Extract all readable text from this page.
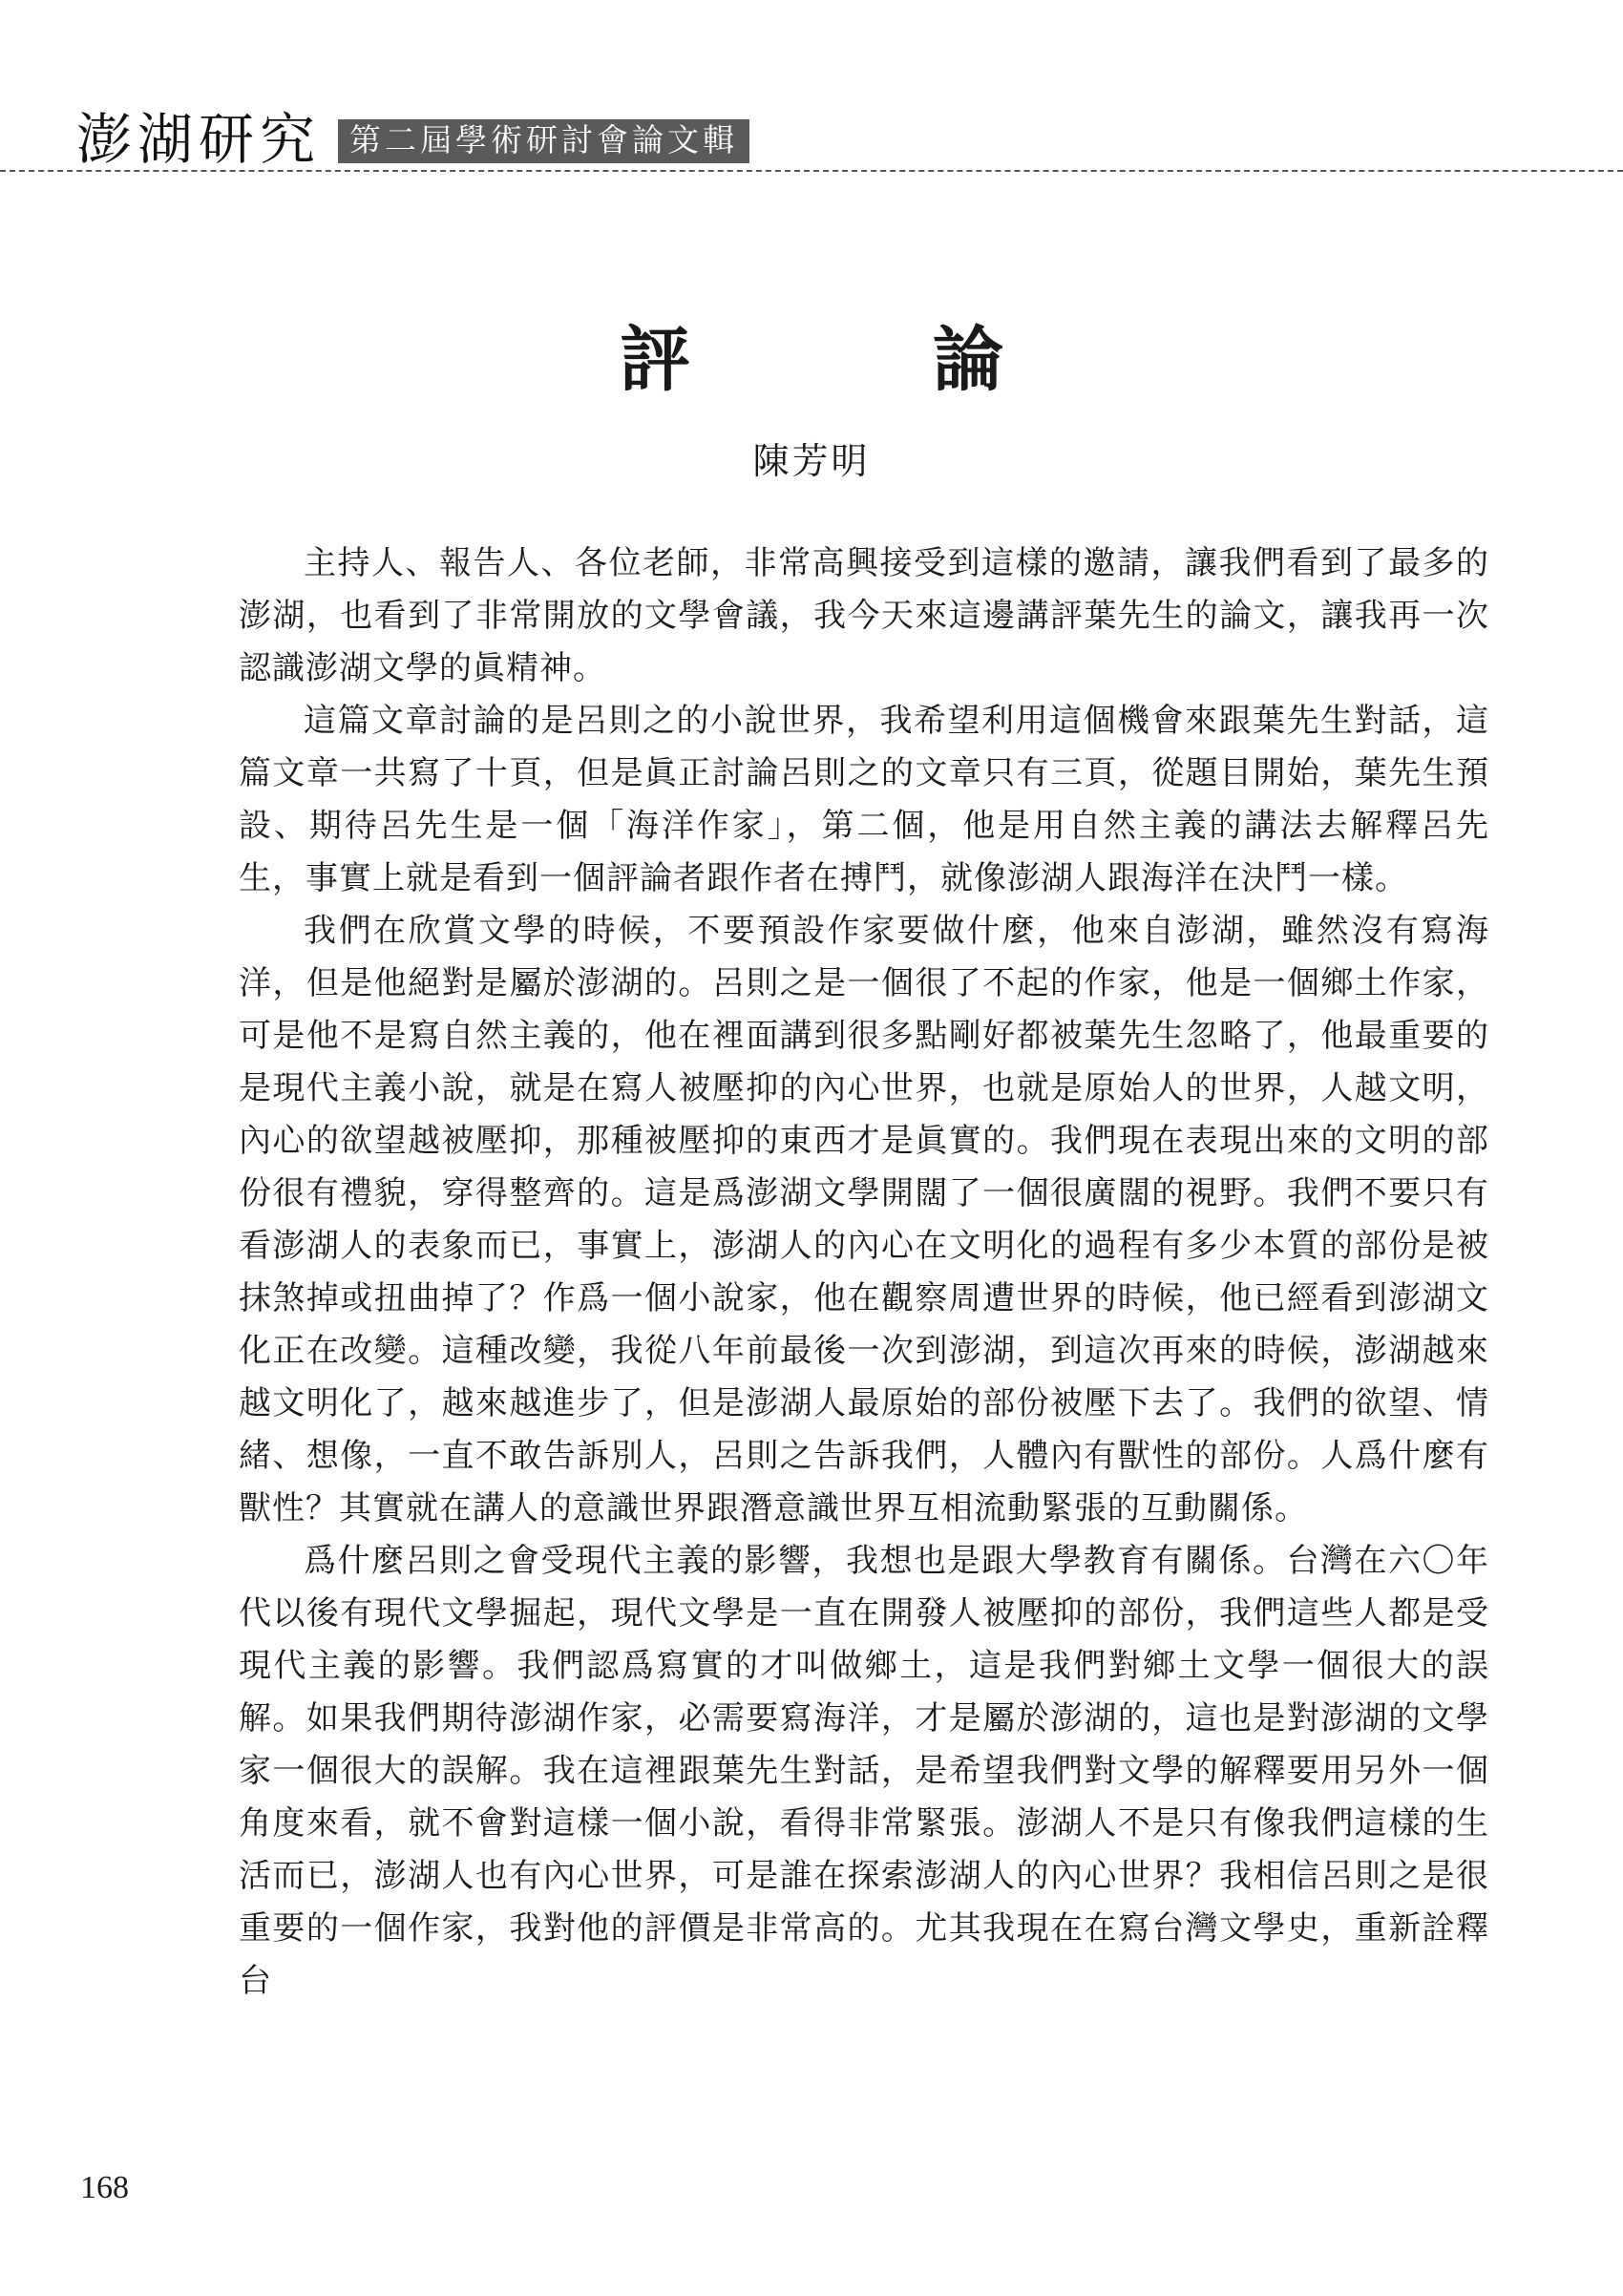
澎湖研究 第二屆學術研討會論文輯
評　論
陳芳明

主持人、報告人、各位老師，非常高興接受到這樣的邀請，讓我們看到了最多的澎湖，也看到了非常開放的文學會議，我今天來這邊講評葉先生的論文，讓我再一次認識澎湖文學的眞精神。

這篇文章討論的是呂則之的小說世界，我希望利用這個機會來跟葉先生對話，這篇文章一共寫了十頁，但是眞正討論呂則之的文章只有三頁，從題目開始，葉先生預設、期待呂先生是一個「海洋作家」，第二個，他是用自然主義的講法去解釋呂先生，事實上就是看到一個評論者跟作者在搏鬥，就像澎湖人跟海洋在決鬥一樣。

我們在欣賞文學的時候，不要預設作家要做什麼，他來自澎湖，雖然沒有寫海洋，但是他絕對是屬於澎湖的。呂則之是一個很了不起的作家，他是一個鄉土作家，可是他不是寫自然主義的，他在裡面講到很多點剛好都被葉先生忽略了，他最重要的是現代主義小說，就是在寫人被壓抑的內心世界，也就是原始人的世界，人越文明，內心的欲望越被壓抑，那種被壓抑的東西才是眞實的。我們現在表現出來的文明的部份很有禮貌，穿得整齊的。這是爲澎湖文學開闊了一個很廣闊的視野。我們不要只有看澎湖人的表象而已，事實上，澎湖人的內心在文明化的過程有多少本質的部份是被抹煞掉或扭曲掉了？作爲一個小說家，他在觀察周遭世界的時候，他已經看到澎湖文化正在改變。這種改變，我從八年前最後一次到澎湖，到這次再來的時候，澎湖越來越文明化了，越來越進步了，但是澎湖人最原始的部份被壓下去了。我們的欲望、情緒、想像，一直不敢告訴別人，呂則之告訴我們，人體內有獸性的部份。人爲什麼有獸性？其實就在講人的意識世界跟潛意識世界互相流動緊張的互動關係。

爲什麼呂則之會受現代主義的影響，我想也是跟大學教育有關係。台灣在六〇年代以後有現代文學掘起，現代文學是一直在開發人被壓抑的部份，我們這些人都是受現代主義的影響。我們認爲寫實的才叫做鄉土，這是我們對鄉土文學一個很大的誤解。如果我們期待澎湖作家，必需要寫海洋，才是屬於澎湖的，這也是對澎湖的文學家一個很大的誤解。我在這裡跟葉先生對話，是希望我們對文學的解釋要用另外一個角度來看，就不會對這樣一個小說，看得非常緊張。澎湖人不是只有像我們這樣的生活而已，澎湖人也有內心世界，可是誰在探索澎湖人的內心世界？我相信呂則之是很重要的一個作家，我對他的評價是非常高的。尤其我現在在寫台灣文學史，重新詮釋台

168
